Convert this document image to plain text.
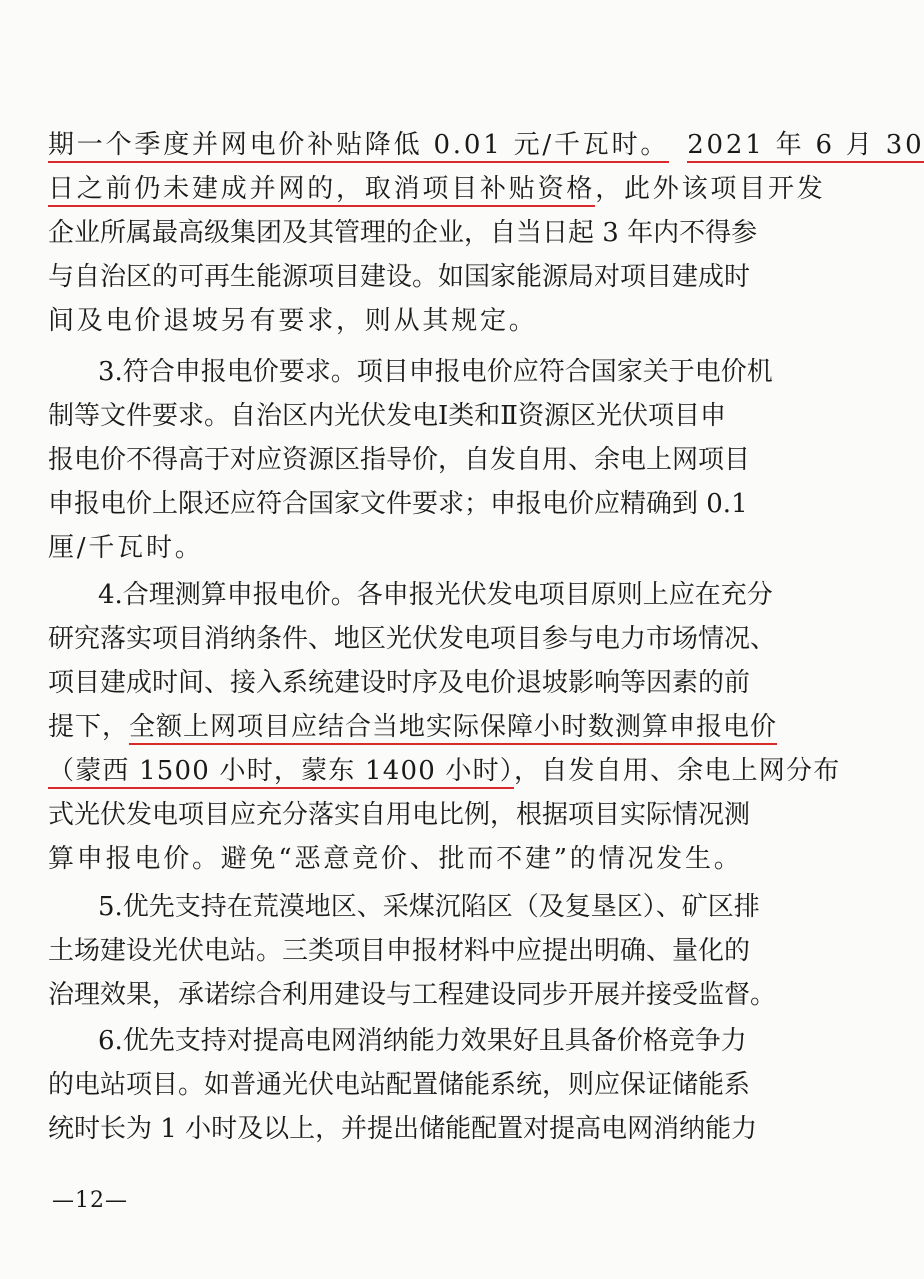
期一个季度并网电价补贴降低 0.01 元/千瓦时。 2021 年 6 月 30
日之前仍未建成并网的，取消项目补贴资格，此外该项目开发
企业所属最高级集团及其管理的企业，自当日起 3 年内不得参
与自治区的可再生能源项目建设。如国家能源局对项目建成时
间及电价退坡另有要求，则从其规定。
3.符合申报电价要求。项目申报电价应符合国家关于电价机
制等文件要求。自治区内光伏发电Ⅰ类和Ⅱ资源区光伏项目申
报电价不得高于对应资源区指导价，自发自用、余电上网项目
申报电价上限还应符合国家文件要求；申报电价应精确到 0.1
厘/千瓦时。
4.合理测算申报电价。各申报光伏发电项目原则上应在充分
研究落实项目消纳条件、地区光伏发电项目参与电力市场情况、
项目建成时间、接入系统建设时序及电价退坡影响等因素的前
提下，全额上网项目应结合当地实际保障小时数测算申报电价
（蒙西 1500 小时，蒙东 1400 小时），自发自用、余电上网分布
式光伏发电项目应充分落实自用电比例，根据项目实际情况测
算申报电价。避免“恶意竞价、批而不建”的情况发生。
5.优先支持在荒漠地区、采煤沉陷区（及复垦区）、矿区排
土场建设光伏电站。三类项目申报材料中应提出明确、量化的
治理效果，承诺综合利用建设与工程建设同步开展并接受监督。
6.优先支持对提高电网消纳能力效果好且具备价格竞争力
的电站项目。如普通光伏电站配置储能系统，则应保证储能系
统时长为 1 小时及以上，并提出储能配置对提高电网消纳能力
—12—
